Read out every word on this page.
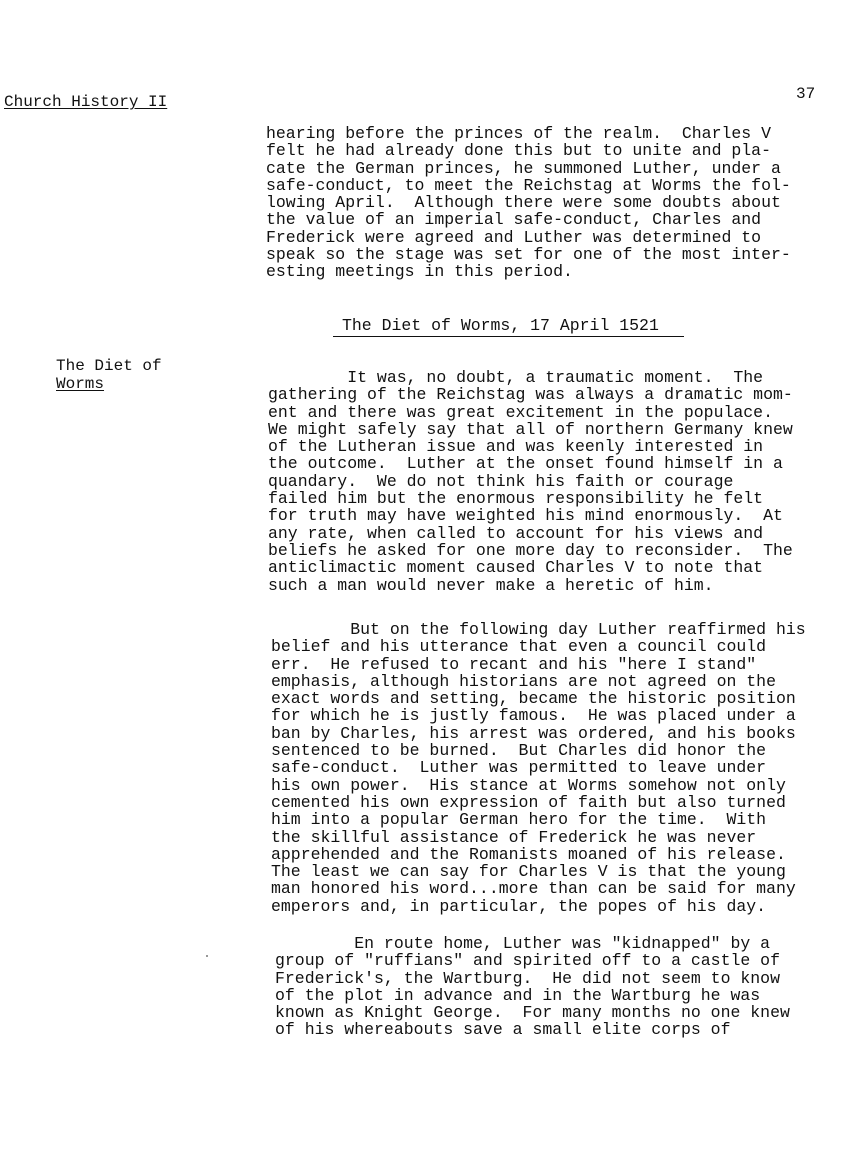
Church History II	37

hearing before the princes of the realm.  Charles V
felt he had already done this but to unite and pla-
cate the German princes, he summoned Luther, under a
safe-conduct, to meet the Reichstag at Worms the fol-
lowing April.  Although there were some doubts about
the value of an imperial safe-conduct, Charles and
Frederick were agreed and Luther was determined to
speak so the stage was set for one of the most inter-
esting meetings in this period.

The Diet of Worms, 17 April 1521
The Diet of
Worms	It was, no doubt, a traumatic moment.  The
gathering of the Reichstag was always a dramatic mom-
ent and there was great excitement in the populace.
We might safely say that all of northern Germany knew
of the Lutheran issue and was keenly interested in
the outcome.  Luther at the onset found himself in a
quandary.  We do not think his faith or courage
failed him but the enormous responsibility he felt
for truth may have weighted his mind enormously.  At
any rate, when called to account for his views and
beliefs he asked for one more day to reconsider.  The
anticlimactic moment caused Charles V to note that
such a man would never make a heretic of him.

But on the following day Luther reaffirmed his
belief and his utterance that even a council could
err.  He refused to recant and his "here I stand"
emphasis, although historians are not agreed on the
exact words and setting, became the historic position
for which he is justly famous.  He was placed under a
ban by Charles, his arrest was ordered, and his books
sentenced to be burned.  But Charles did honor the
safe-conduct.  Luther was permitted to leave under
his own power.  His stance at Worms somehow not only
cemented his own expression of faith but also turned
him into a popular German hero for the time.  With
the skillful assistance of Frederick he was never
apprehended and the Romanists moaned of his release.
The least we can say for Charles V is that the young
man honored his word...more than can be said for many
emperors and, in particular, the popes of his day.

En route home, Luther was "kidnapped" by a
group of "ruffians" and spirited off to a castle of
Frederick's, the Wartburg.  He did not seem to know
of the plot in advance and in the Wartburg he was
known as Knight George.  For many months no one knew
of his whereabouts save a small elite corps of
